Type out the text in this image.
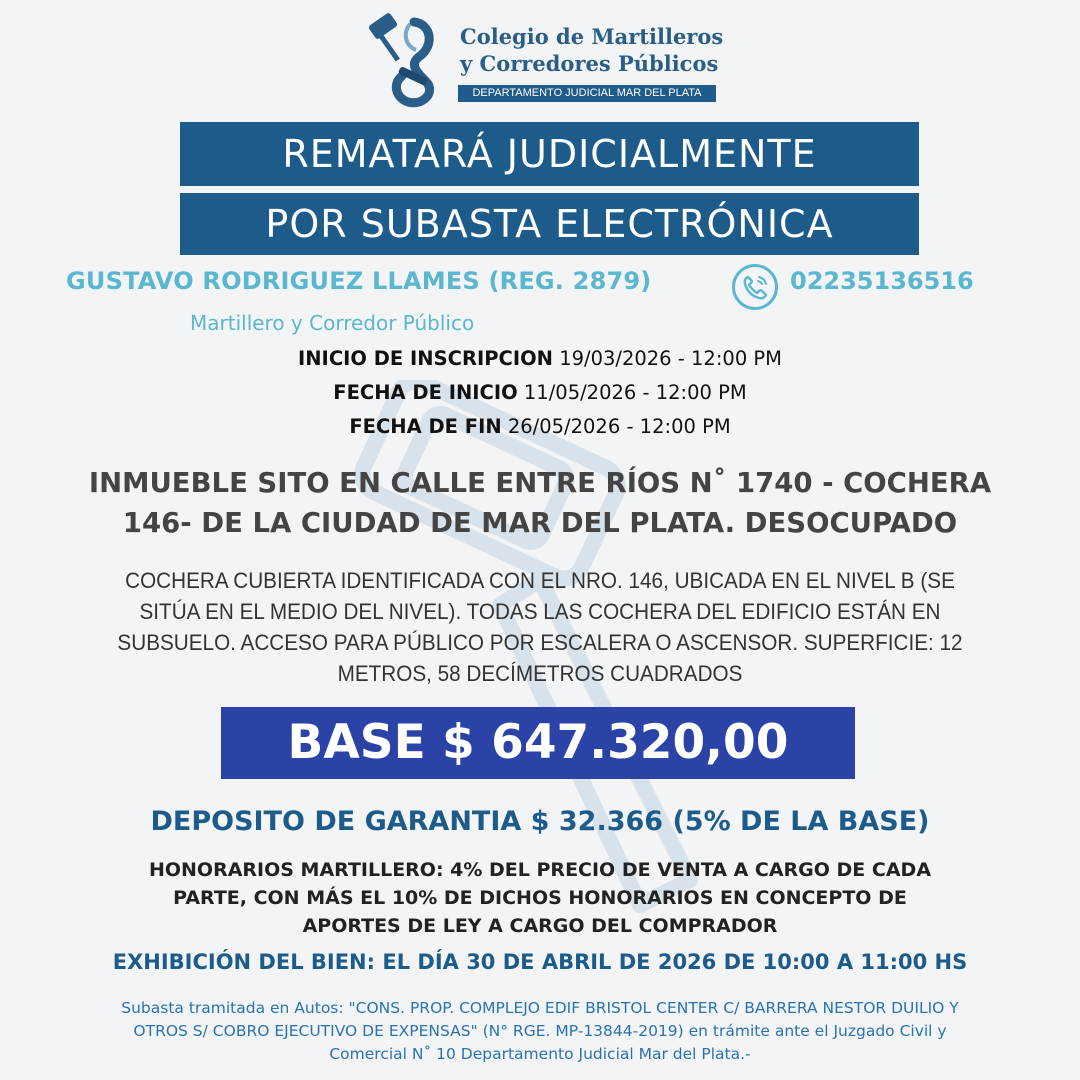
Colegio de Martilleros
y Corredores Públicos
DEPARTAMENTO JUDICIAL MAR DEL PLATA
REMATARÁ JUDICIALMENTE
POR SUBASTA ELECTRÓNICA
GUSTAVO RODRIGUEZ LLAMES (REG. 2879)	02235136516
Martillero y Corredor Público
INICIO DE INSCRIPCION 19/03/2026 - 12:00 PM
FECHA DE INICIO 11/05/2026 - 12:00 PM
FECHA DE FIN 26/05/2026 - 12:00 PM
INMUEBLE SITO EN CALLE ENTRE RÍOS N˚ 1740 - COCHERA
146- DE LA CIUDAD DE MAR DEL PLATA. DESOCUPADO
COCHERA CUBIERTA IDENTIFICADA CON EL NRO. 146, UBICADA EN EL NIVEL B (SE
SITÚA EN EL MEDIO DEL NIVEL). TODAS LAS COCHERA DEL EDIFICIO ESTÁN EN
SUBSUELO. ACCESO PARA PÚBLICO POR ESCALERA O ASCENSOR. SUPERFICIE: 12
METROS, 58 DECÍMETROS CUADRADOS
BASE $ 647.320,00
DEPOSITO DE GARANTIA $ 32.366 (5% DE LA BASE)
HONORARIOS MARTILLERO: 4% DEL PRECIO DE VENTA A CARGO DE CADA
PARTE, CON MÁS EL 10% DE DICHOS HONORARIOS EN CONCEPTO DE
APORTES DE LEY A CARGO DEL COMPRADOR
EXHIBICIÓN DEL BIEN: EL DÍA 30 DE ABRIL DE 2026 DE 10:00 A 11:00 HS
Subasta tramitada en Autos: "CONS. PROP. COMPLEJO EDIF BRISTOL CENTER C/ BARRERA NESTOR DUILIO Y
OTROS S/ COBRO EJECUTIVO DE EXPENSAS" (N° RGE. MP-13844-2019) en trámite ante el Juzgado Civil y
Comercial N˚ 10 Departamento Judicial Mar del Plata.-
